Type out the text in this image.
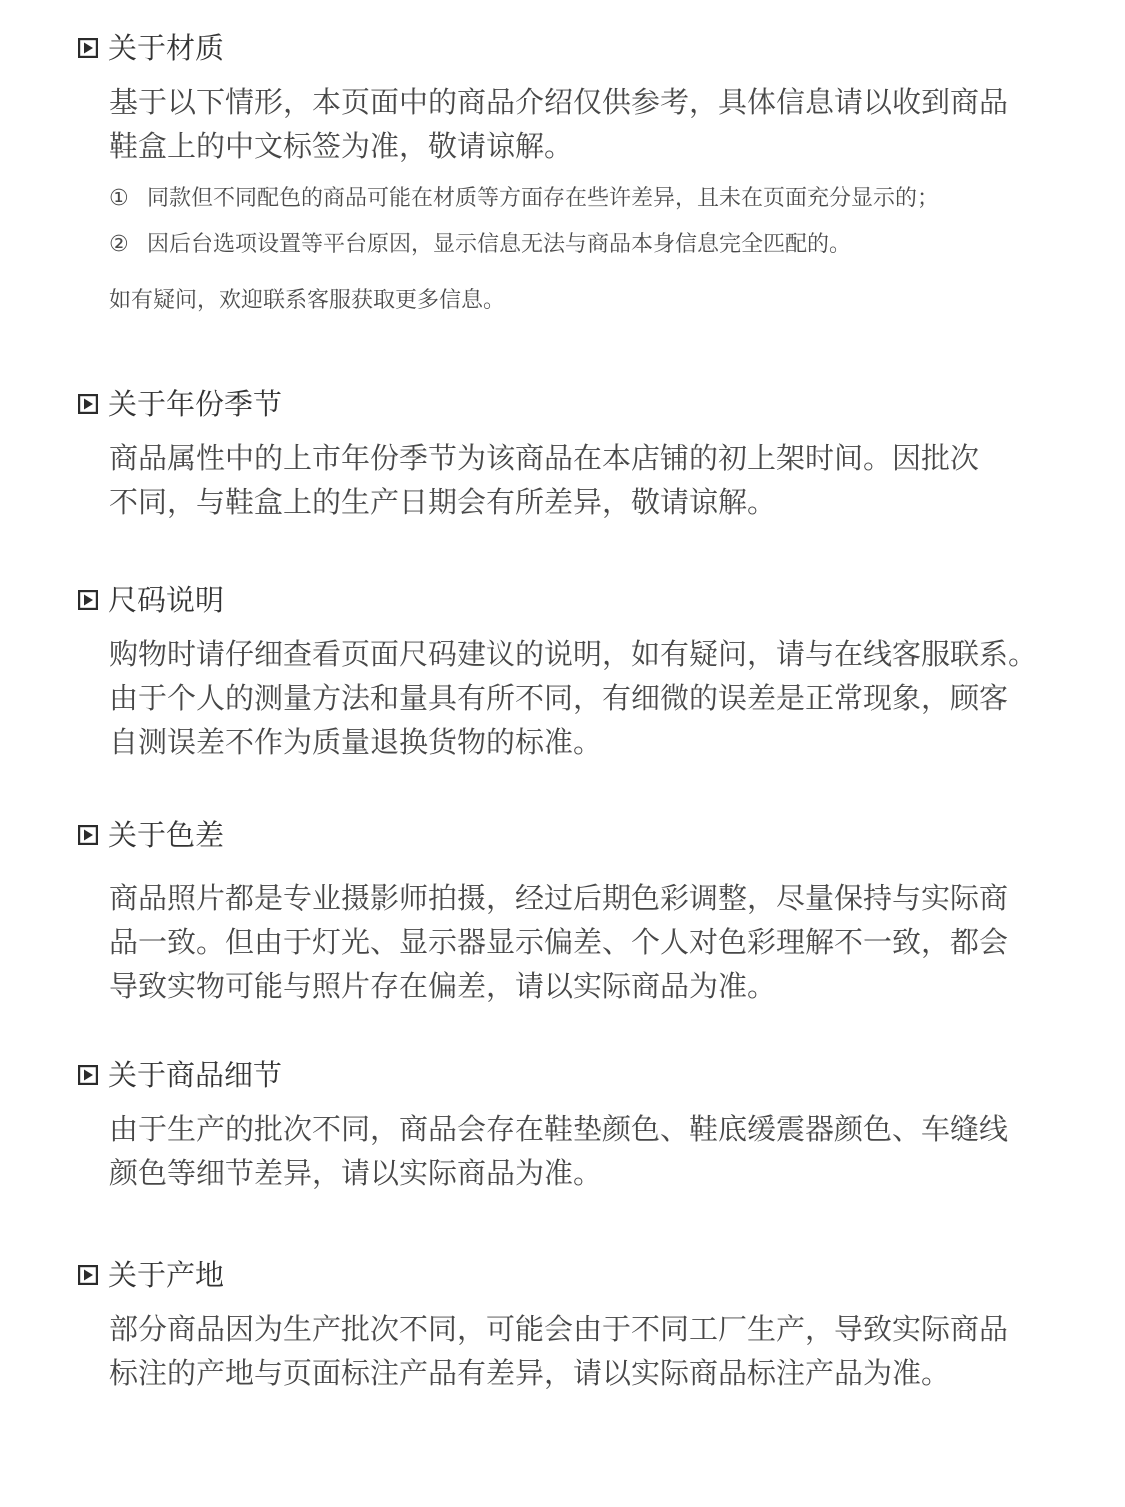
关于材质
基于以下情形，本页面中的商品介绍仅供参考，具体信息请以收到商品
鞋盒上的中文标签为准，敬请谅解。
① 同款但不同配色的商品可能在材质等方面存在些许差异，且未在页面充分显示的；
② 因后台选项设置等平台原因，显示信息无法与商品本身信息完全匹配的。
如有疑问，欢迎联系客服获取更多信息。
关于年份季节
商品属性中的上市年份季节为该商品在本店铺的初上架时间。因批次
不同，与鞋盒上的生产日期会有所差异，敬请谅解。
尺码说明
购物时请仔细查看页面尺码建议的说明，如有疑问，请与在线客服联系。
由于个人的测量方法和量具有所不同，有细微的误差是正常现象，顾客
自测误差不作为质量退换货物的标准。
关于色差
商品照片都是专业摄影师拍摄，经过后期色彩调整，尽量保持与实际商
品一致。但由于灯光、显示器显示偏差、个人对色彩理解不一致，都会
导致实物可能与照片存在偏差，请以实际商品为准。
关于商品细节
由于生产的批次不同，商品会存在鞋垫颜色、鞋底缓震器颜色、车缝线
颜色等细节差异，请以实际商品为准。
关于产地
部分商品因为生产批次不同，可能会由于不同工厂生产，导致实际商品
标注的产地与页面标注产品有差异，请以实际商品标注产品为准。
